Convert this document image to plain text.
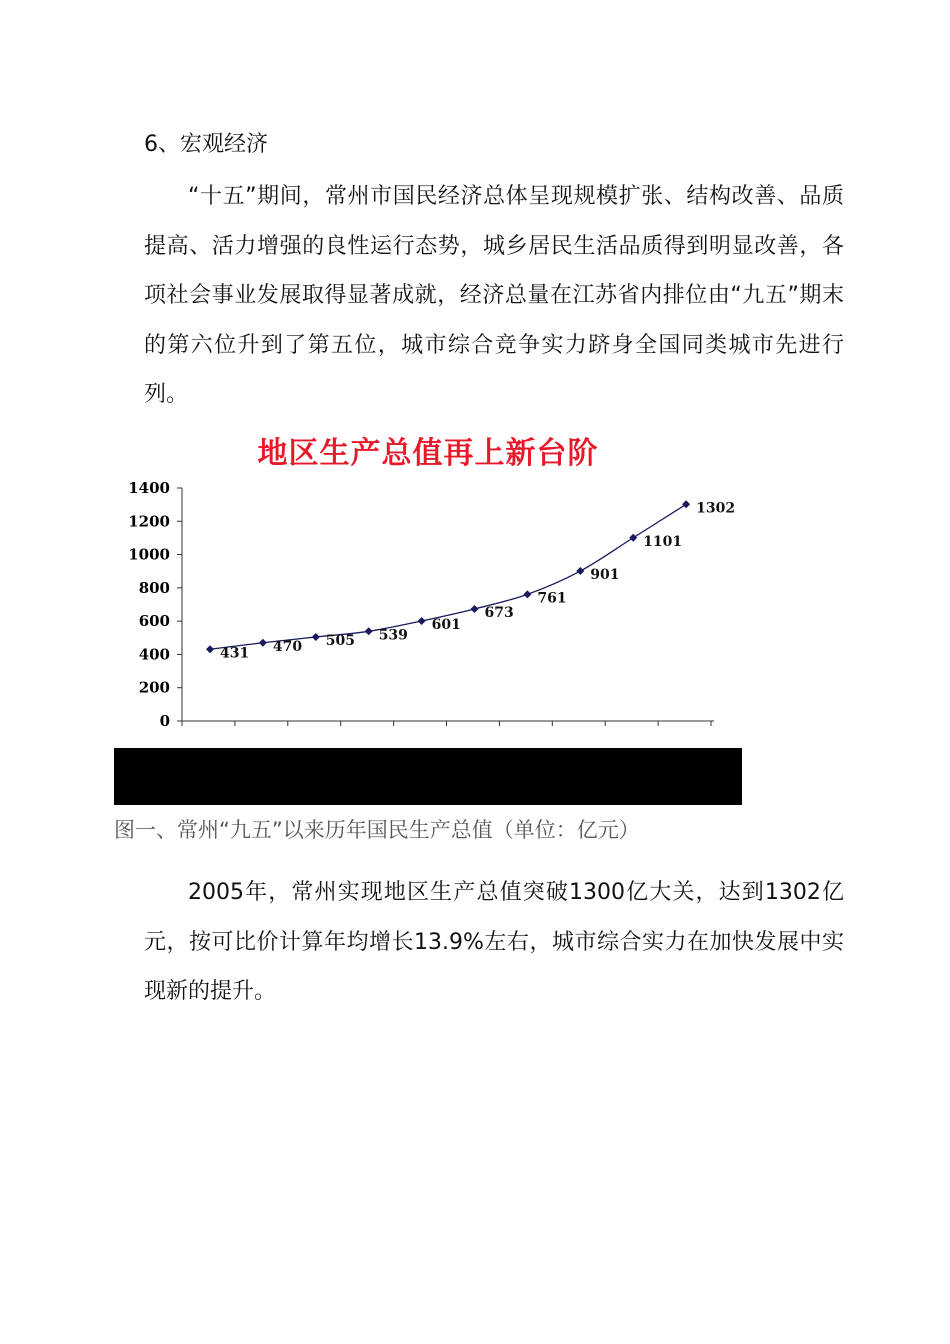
6、宏观经济

“十五”期间，常州市国民经济总体呈现规模扩张、结构改善、品质提高、活力增强的良性运行态势，城乡居民生活品质得到明显改善，各项社会事业发展取得显著成就，经济总量在江苏省内排位由“九五”期末的第六位升到了第五位，城市综合竞争实力跻身全国同类城市先进行列。

地区生产总值再上新台阶
0
200
400
600
800
1000
1200
1400
431 470 505 539
601
673
761
901
1101
1302
图一、常州“九五”以来历年国民生产总值（单位：亿元）

2005年，常州实现地区生产总值突破1300亿大关，达到1302亿元，按可比价计算年均增长13.9%左右，城市综合实力在加快发展中实现新的提升。
